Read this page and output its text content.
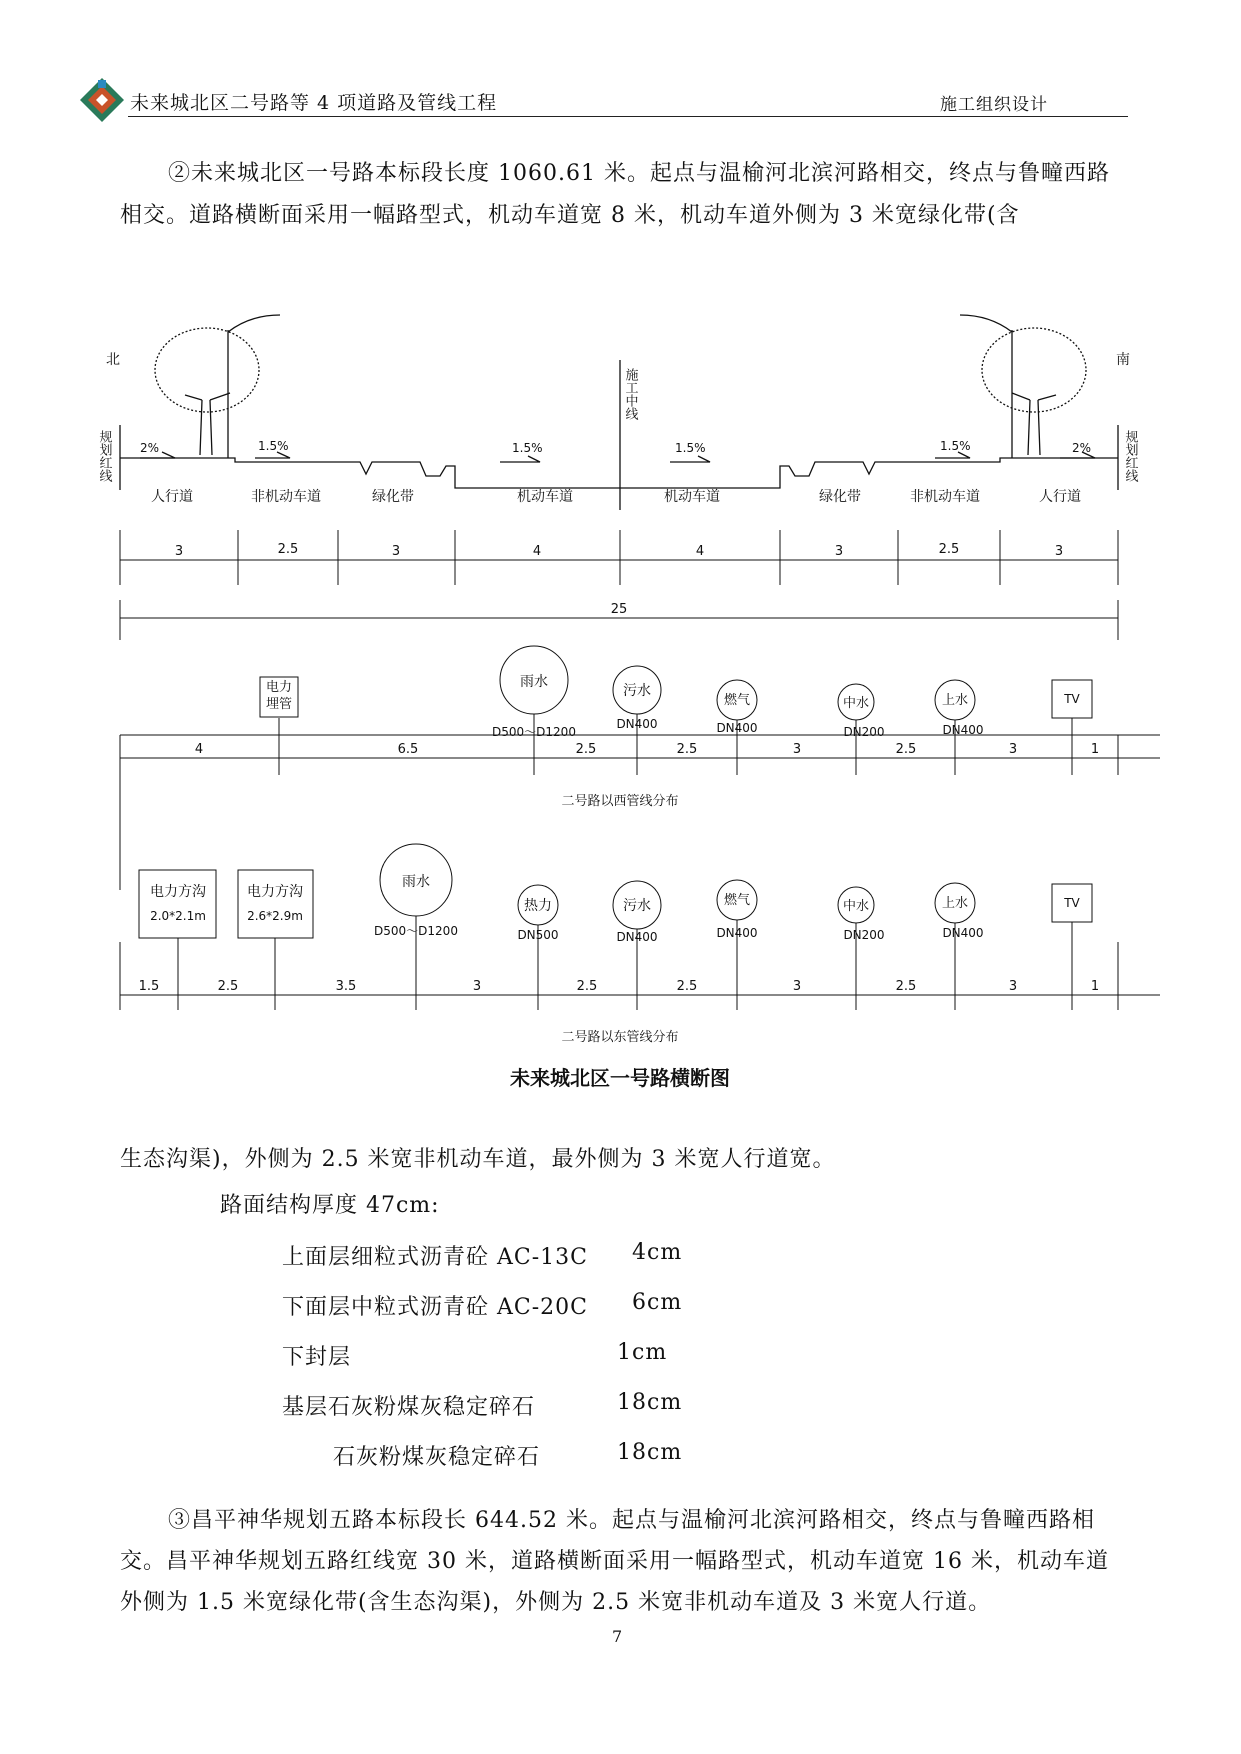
未来城北区二号路等 4 项道路及管线工程	施工组织设计
②未来城北区一号路本标段长度 1060.61 米。起点与温榆河北滨河路相交，终点与鲁疃西路相交。道路横断面采用一幅路型式，机动车道宽 8 米，机动车道外侧为 3 米宽绿化带(含
北	南
规划红线	规划红线
施工中线
2%	1.5%	1.5%	1.5%	1.5%	2%
人行道	非机动车道	绿化带	机动车道	机动车道	绿化带	非机动车道	人行道
3	2.5	3	4	4	3	2.5	3
25
电力埋管
雨水
D500～D1200
污水
DN400
燃气
DN400
中水
DN200
上水
DN400
TV
4	6.5	2.5	2.5	3	2.5	3	1
二号路以西管线分布
电力方沟
2.0*2.1m
电力方沟
2.6*2.9m
雨水
D500～D1200
热力
DN500
污水
DN400
燃气
DN400
中水
DN200
上水
DN400
TV
1.5	2.5	3.5	3	2.5	2.5	3	2.5	3	1
二号路以东管线分布
未来城北区一号路横断图
生态沟渠)，外侧为 2.5 米宽非机动车道，最外侧为 3 米宽人行道宽。
路面结构厚度 47cm:
上面层细粒式沥青砼 AC-13C 4cm
下面层中粒式沥青砼 AC-20C 6cm
下封层	1cm
基层石灰粉煤灰稳定碎石	18cm
石灰粉煤灰稳定碎石	18cm
③昌平神华规划五路本标段长 644.52 米。起点与温榆河北滨河路相交，终点与鲁疃西路相交。昌平神华规划五路红线宽 30 米，道路横断面采用一幅路型式，机动车道宽 16 米，机动车道外侧为 1.5 米宽绿化带(含生态沟渠)，外侧为 2.5 米宽非机动车道及 3 米宽人行道。
7
